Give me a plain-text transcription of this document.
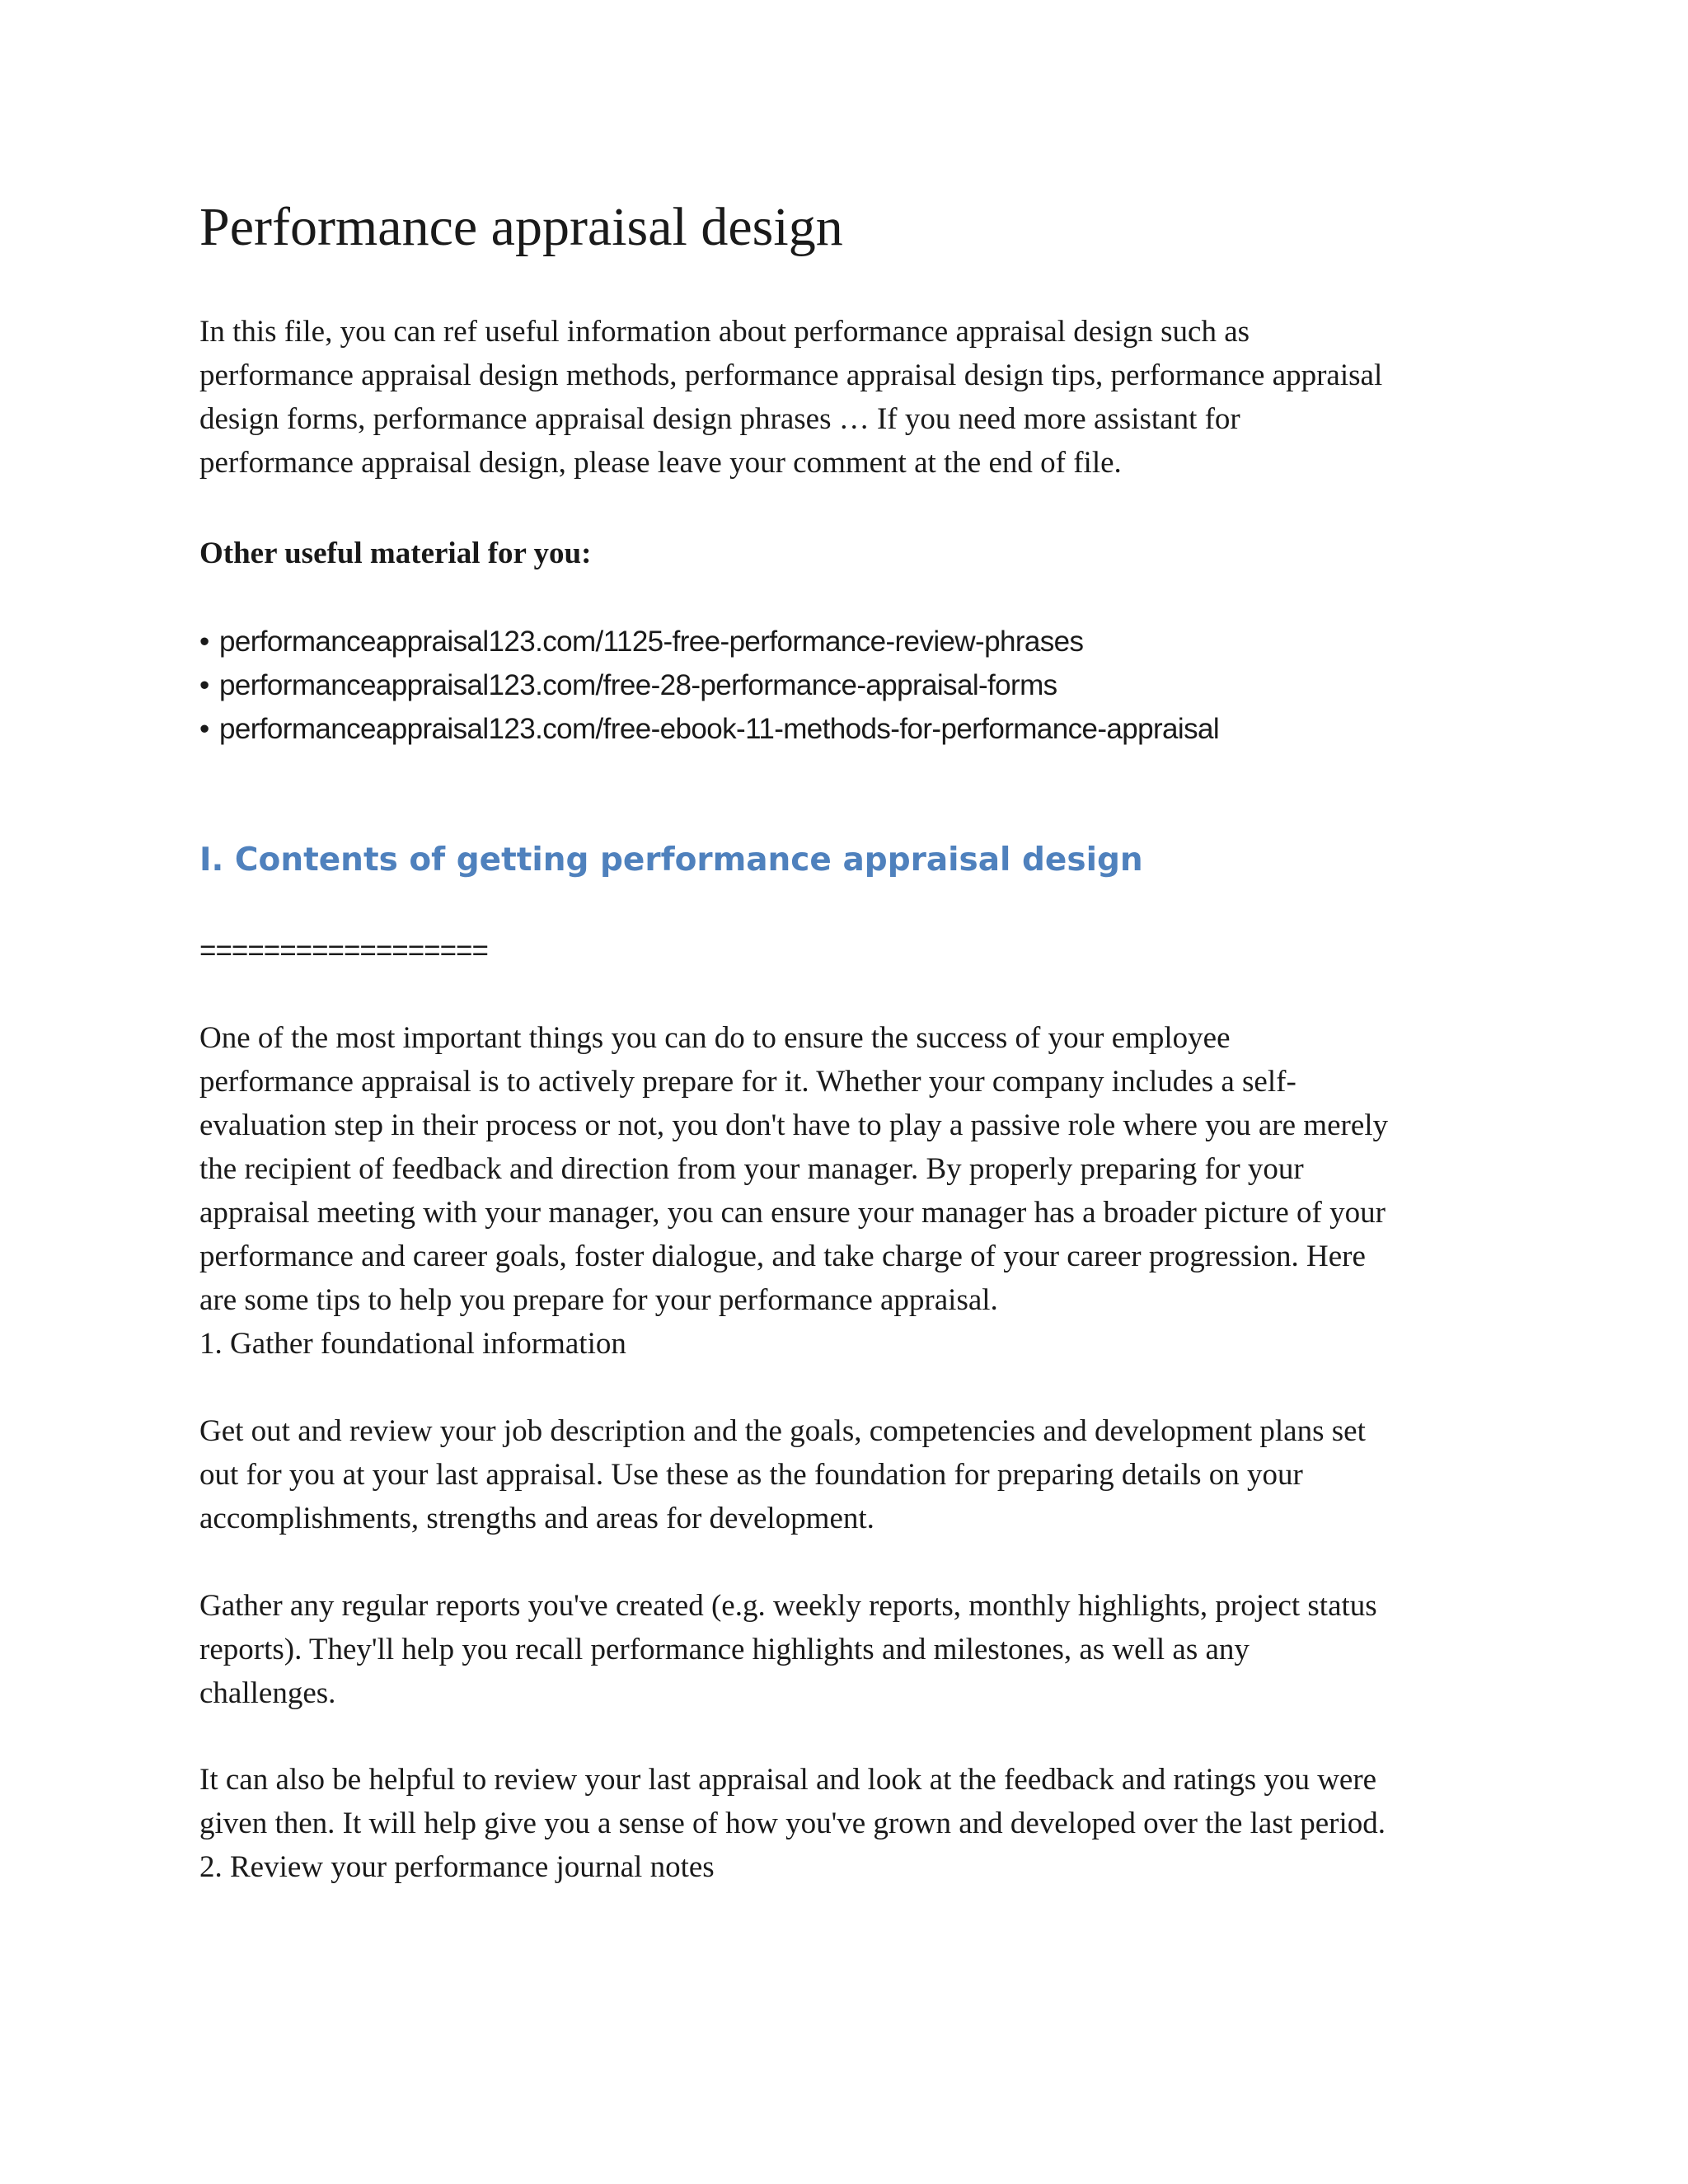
Performance appraisal design

In this file, you can ref useful information about performance appraisal design such as
performance appraisal design methods, performance appraisal design tips, performance appraisal
design forms, performance appraisal design phrases … If you need more assistant for
performance appraisal design, please leave your comment at the end of file.

Other useful material for you:

• performanceappraisal123.com/1125-free-performance-review-phrases
• performanceappraisal123.com/free-28-performance-appraisal-forms
• performanceappraisal123.com/free-ebook-11-methods-for-performance-appraisal
I. Contents of getting performance appraisal design

==================

One of the most important things you can do to ensure the success of your employee
performance appraisal is to actively prepare for it. Whether your company includes a self-
evaluation step in their process or not, you don't have to play a passive role where you are merely
the recipient of feedback and direction from your manager. By properly preparing for your
appraisal meeting with your manager, you can ensure your manager has a broader picture of your
performance and career goals, foster dialogue, and take charge of your career progression. Here
are some tips to help you prepare for your performance appraisal.
1. Gather foundational information

Get out and review your job description and the goals, competencies and development plans set
out for you at your last appraisal. Use these as the foundation for preparing details on your
accomplishments, strengths and areas for development.

Gather any regular reports you've created (e.g. weekly reports, monthly highlights, project status
reports). They'll help you recall performance highlights and milestones, as well as any
challenges.

It can also be helpful to review your last appraisal and look at the feedback and ratings you were
given then. It will help give you a sense of how you've grown and developed over the last period.
2. Review your performance journal notes
